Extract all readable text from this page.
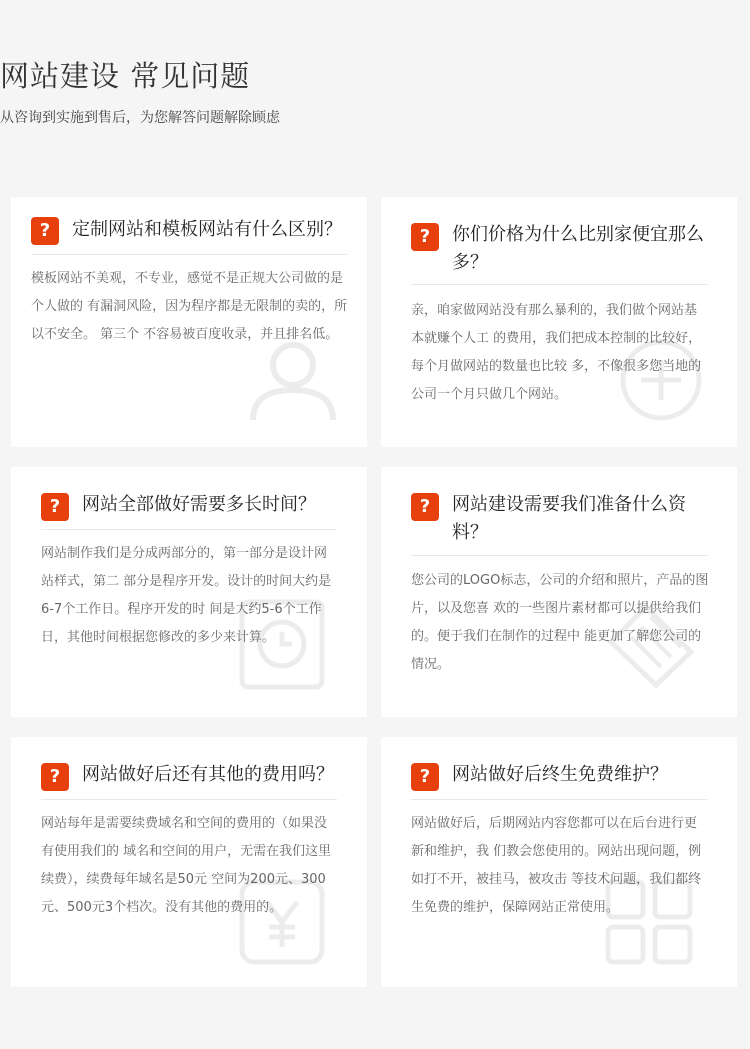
网站建设 常见问题
从咨询到实施到售后，为您解答问题解除顾虑
?	定制网站和模板网站有什么区别？
模板网站不美观，不专业，感觉不是正规大公司做的是个人做的 有漏洞风险，因为程序都是无限制的卖的，所以不安全。 第三个 不容易被百度收录，并且排名低。
?	你们价格为什么比别家便宜那么多？
亲，咱家做网站没有那么暴利的，我们做个网站基本就赚个人工 的费用，我们把成本控制的比较好，每个月做网站的数量也比较 多，不像很多您当地的公司一个月只做几个网站。
?	网站全部做好需要多长时间？
网站制作我们是分成两部分的，第一部分是设计网站样式，第二 部分是程序开发。设计的时间大约是6-7个工作日。程序开发的时 间是大约5-6个工作日，其他时间根据您修改的多少来计算。
?	网站建设需要我们准备什么资料？
您公司的LOGO标志，公司的介绍和照片，产品的图片，以及您喜 欢的一些图片素材都可以提供给我们的。便于我们在制作的过程中 能更加了解您公司的情况。
?	网站做好后还有其他的费用吗？
网站每年是需要续费域名和空间的费用的（如果没有使用我们的 域名和空间的用户，无需在我们这里续费），续费每年域名是50元 空间为200元、300元、500元3个档次。没有其他的费用的。
?	网站做好后终生免费维护？
网站做好后，后期网站内容您都可以在后台进行更新和维护，我 们教会您使用的。网站出现问题，例如打不开，被挂马，被攻击 等技术问题，我们都终生免费的维护，保障网站正常使用。
